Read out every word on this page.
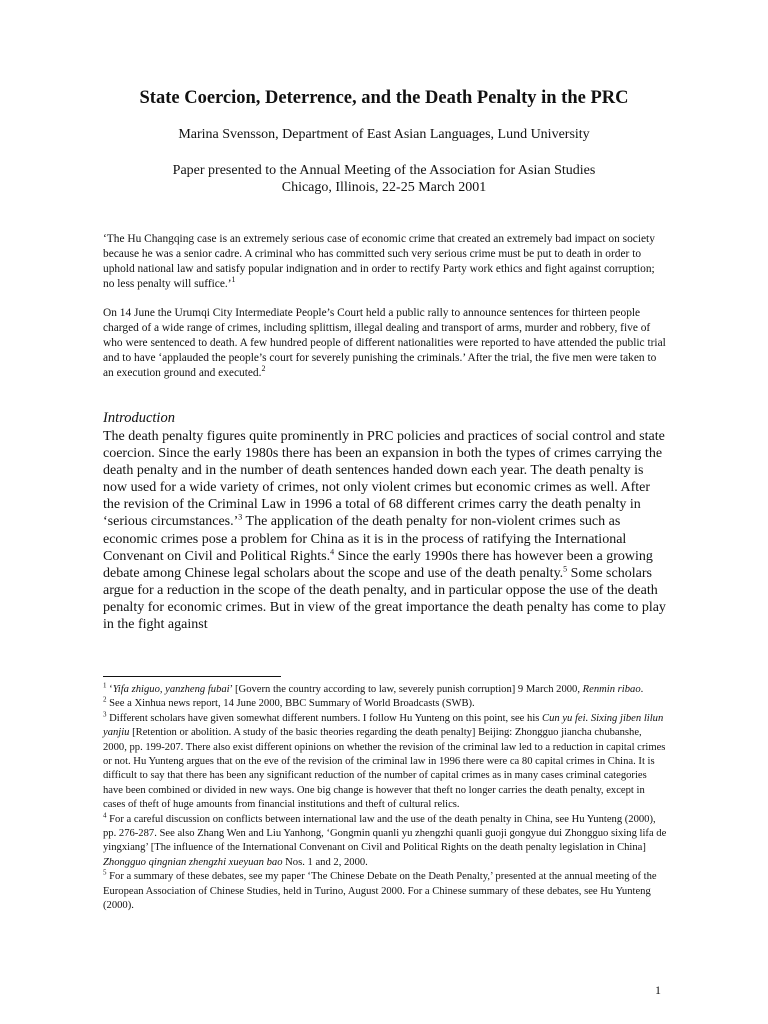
State Coercion, Deterrence, and the Death Penalty in the PRC
Marina Svensson, Department of East Asian Languages, Lund University
Paper presented to the Annual Meeting of the Association for Asian Studies
Chicago, Illinois, 22-25 March 2001

‘The Hu Changqing case is an extremely serious case of economic crime that created an extremely bad impact on society because he was a senior cadre. A criminal who has committed such very serious crime must be put to death in order to uphold national law and satisfy popular indignation and in order to rectify Party work ethics and fight against corruption; no less penalty will suffice.’$^1$

On 14 June the Urumqi City Intermediate People’s Court held a public rally to announce sentences for thirteen people charged of a wide range of crimes, including splittism, illegal dealing and transport of arms, murder and robbery, five of who were sentenced to death. A few hundred people of different nationalities were reported to have attended the public trial and to have ‘applauded the people’s court for severely punishing the criminals.’ After the trial, the five men were taken to an execution ground and executed.$^2$

Introduction

The death penalty figures quite prominently in PRC policies and practices of social control and state coercion. Since the early 1980s there has been an expansion in both the types of crimes carrying the death penalty and in the number of death sentences handed down each year. The death penalty is now used for a wide variety of crimes, not only violent crimes but economic crimes as well. After the revision of the Criminal Law in 1996 a total of 68 different crimes carry the death penalty in ‘serious circumstances.’$^3$ The application of the death penalty for non-violent crimes such as economic crimes pose a problem for China as it is in the process of ratifying the International Convenant on Civil and Political Rights.$^4$ Since the early 1990s there has however been a growing debate among Chinese legal scholars about the scope and use of the death penalty.$^5$ Some scholars argue for a reduction in the scope of the death penalty, and in particular oppose the use of the death penalty for economic crimes. But in view of the great importance the death penalty has come to play in the fight against

$^1$ ‘Yifa zhiguo, yanzheng fubai’ [Govern the country according to law, severely punish corruption] 9 March 2000, Renmin ribao.

$^2$ See a Xinhua news report, 14 June 2000, BBC Summary of World Broadcasts (SWB).

$^3$ Different scholars have given somewhat different numbers. I follow Hu Yunteng on this point, see his Cun yu fei. Sixing jiben lilun yanjiu [Retention or abolition. A study of the basic theories regarding the death penalty] Beijing: Zhongguo jiancha chubanshe, 2000, pp. 199-207. There also exist different opinions on whether the revision of the criminal law led to a reduction in capital crimes or not. Hu Yunteng argues that on the eve of the revision of the criminal law in 1996 there were ca 80 capital crimes in China. It is difficult to say that there has been any significant reduction of the number of capital crimes as in many cases criminal categories have been combined or divided in new ways. One big change is however that theft no longer carries the death penalty, except in cases of theft of huge amounts from financial institutions and theft of cultural relics.

$^4$ For a careful discussion on conflicts between international law and the use of the death penalty in China, see Hu Yunteng (2000), pp. 276-287. See also Zhang Wen and Liu Yanhong, ‘Gongmin quanli yu zhengzhi quanli guoji gongyue dui Zhongguo sixing lifa de yingxiang’ [The influence of the International Convenant on Civil and Political Rights on the death penalty legislation in China] Zhongguo qingnian zhengzhi xueyuan bao Nos. 1 and 2, 2000.

$^5$ For a summary of these debates, see my paper ‘The Chinese Debate on the Death Penalty,’ presented at the annual meeting of the European Association of Chinese Studies, held in Turino, August 2000. For a Chinese summary of these debates, see Hu Yunteng (2000).

1
